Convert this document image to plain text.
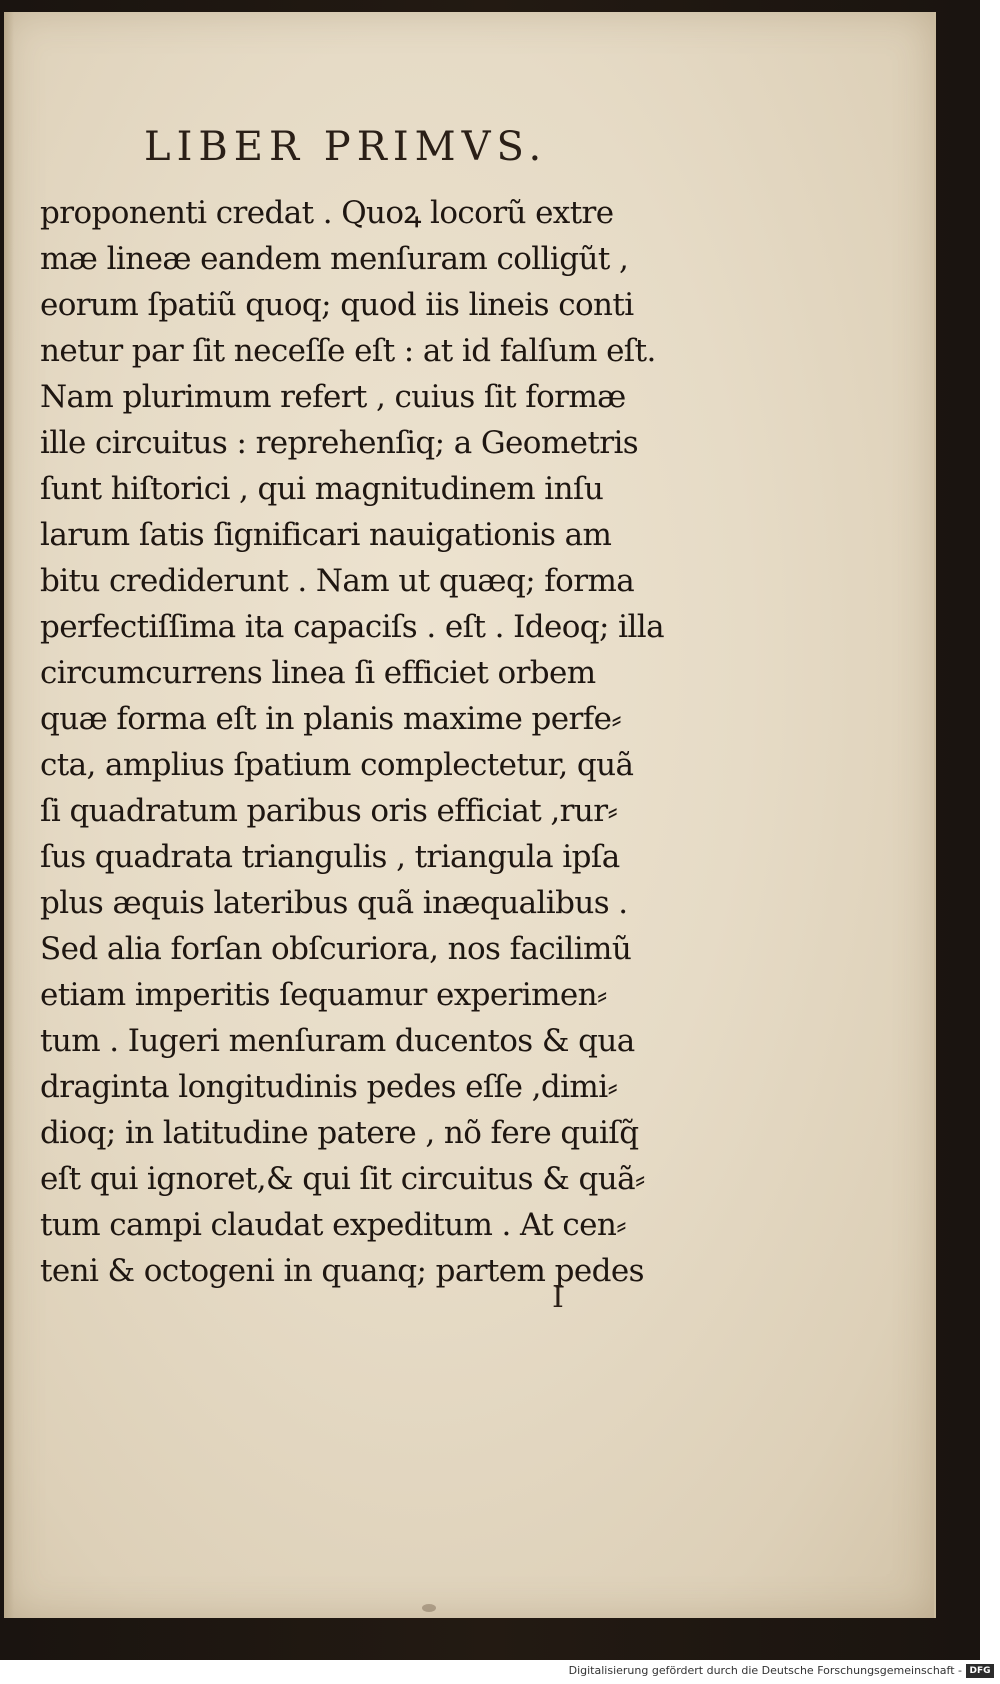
LIBER PRIMVS.
proponenti credat . Quoꝝ locorũ extre
mæ lineæ eandem menſuram colligũt ,
eorum ſpatiũ quoq; quod iis lineis conti
netur par ſit neceſſe eſt : at id falſum eſt.
Nam plurimum refert , cuius ſit formæ
ille circuitus : reprehenſiq; a Geometris
ſunt hiſtorici , qui magnitudinem inſu
larum ſatis ſignificari nauigationis am
bitu crediderunt . Nam ut quæq; forma
perfectiſſima ita capaciſs . eſt . Ideoq; illa
circumcurrens linea ſi efficiet orbem
quæ forma eſt in planis maxime perfe⸗
cta, amplius ſpatium complectetur, quã
ſi quadratum paribus oris efficiat ,rur⸗
ſus quadrata triangulis , triangula ipſa
plus æquis lateribus quã inæqualibus .
Sed alia forſan obſcuriora, nos facilimũ
etiam imperitis ſequamur experimen⸗
tum . Iugeri menſuram ducentos & qua
draginta longitudinis pedes eſſe ,dimi⸗
dioq; in latitudine patere , nõ fere quiſq̃
eſt qui ignoret,& qui ſit circuitus & quã⸗
tum campi claudat expeditum . At cen⸗
teni & octogeni in quanq; partem pedes
I
Digitalisierung gefördert durch die Deutsche Forschungsgemeinschaft - DFG
